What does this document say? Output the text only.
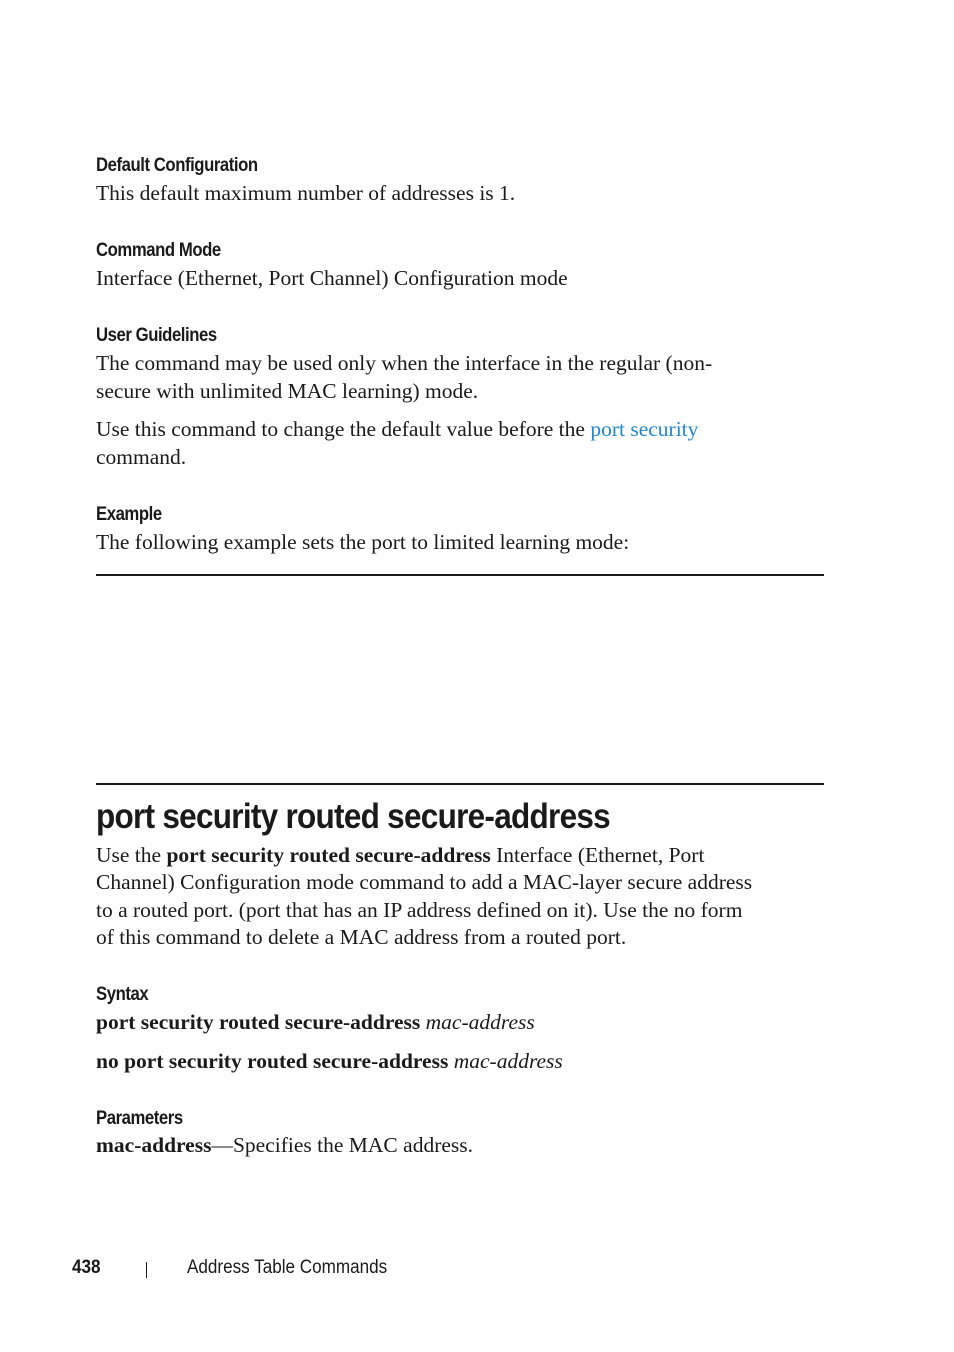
Default Configuration
This default maximum number of addresses is 1.
Command Mode
Interface (Ethernet, Port Channel) Configuration mode
User Guidelines
The command may be used only when the interface in the regular (non-
secure with unlimited MAC learning) mode.
Use this command to change the default value before the port security
command.
Example
The following example sets the port to limited learning mode:
port security routed secure-address
Use the port security routed secure-address Interface (Ethernet, Port
Channel) Configuration mode command to add a MAC-layer secure address
to a routed port. (port that has an IP address defined on it). Use the no form
of this command to delete a MAC address from a routed port.
Syntax
port security routed secure-address mac-address
no port security routed secure-address mac-address
Parameters
mac-address—Specifies the MAC address.
438	Address Table Commands
